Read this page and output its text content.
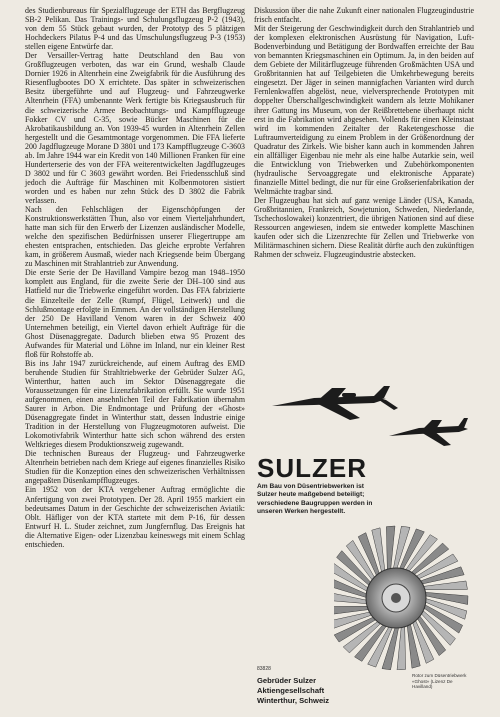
des Studienbureaus für Spezialflugzeuge der ETH das Bergflugzeug SB-2 Pelikan. Das Trainings- und Schulungsflugzeug P-2 (1943), von dem 55 Stück gebaut wurden, der Prototyp des 5 plätzigen Hochdeckers Pilatus P-4 und das Umschulungsflugzeug P-3 (1953) stellen eigene Entwürfe dar.

Der Versailler-Vertrag hatte Deutschland den Bau von Großflugzeugen verboten, das war ein Grund, weshalb Claude Dornier 1926 in Altenrhein eine Zweigfabrik für die Ausführung des Riesenflugbootes DO X errichtete. Das später in schweizerischen Besitz übergeführte und auf Flugzeug- und Fahrzeugwerke Altenrhein (FFA) umbenannte Werk fertigte bis Kriegsausbruch für die schweizerische Armee Beobachtungs- und Kampfflugzeuge Fokker CV und C-35, sowie Bücker Maschinen für die Akrobatikausbildung an. Von 1939-45 wurden in Altenrhein Zellen hergestellt und die Gesamtmontage vorgenommen. Die FFA lieferte 200 Jagdflugzeuge Morane D 3801 und 173 Kampfflugzeuge C-3603 ab. Im Jahre 1944 war ein Kredit von 140 Millionen Franken für eine Hunderterserie des von der FFA weiterentwickelten Jagdflugzeuges D 3802 und für C 3603 gewährt worden. Bei Friedensschluß sind jedoch die Aufträge für Maschinen mit Kolbenmotoren sistiert worden und es haben nur zehn Stück des D 3802 die Fabrik verlassen.

Nach den Fehlschlägen der Eigenschöpfungen der Konstruktionswerkstätten Thun, also vor einem Vierteljahrhundert, hatte man sich für den Erwerb der Lizenzen ausländischer Modelle, welche den spezifischen Bedürfnissen unserer Fliegertruppe am ehesten entsprachen, entschieden. Das gleiche erprobte Verfahren kam, in größerem Ausmaß, wieder nach Kriegsende beim Übergang zu Maschinen mit Strahlantrieb zur Anwendung.

Die erste Serie der De Havilland Vampire bezog man 1948–1950 komplett aus England, für die zweite Serie der DH–100 sind aus Hatfield nur die Triebwerke eingeführt worden. Das FFA fabrizierte die Einzelteile der Zelle (Rumpf, Flügel, Leitwerk) und die Schlußmontage erfolgte in Emmen. An der vollständigen Herstellung der 250 De Havilland Venom waren in der Schweiz 400 Unternehmen beteiligt, ein Viertel davon erhielt Aufträge für die Ghost Düsenaggregate. Dadurch blieben etwa 95 Prozent des Aufwandes für Material und Löhne im Inland, nur ein kleiner Rest floß für Rohstoffe ab.

Bis ins Jahr 1947 zurückreichende, auf einem Auftrag des EMD beruhende Studien für Strahltriebwerke der Gebrüder Sulzer AG, Winterthur, hatten auch im Sektor Düsenaggregate die Voraussetzungen für eine Lizenzfabrikation erfüllt. Sie wurde 1951 aufgenommen, einen ansehnlichen Teil der Fabrikation übernahm Saurer in Arbon. Die Endmontage und Prüfung der «Ghost» Düsenaggregate findet in Winterthur statt, dessen Industrie einige Tradition in der Herstellung von Flugzeugmotoren aufweist. Die Lokomotivfabrik Winterthur hatte sich schon während des ersten Weltkrieges diesem Produktionszweig zugewandt.

Die technischen Bureaus der Flugzeug- und Fahrzeugwerke Altenrhein betrieben nach dem Kriege auf eigenes finanzielles Risiko Studien für die Konzeption eines den schweizerischen Verhältnissen angepaßten Düsenkampfflugzeuges.

Ein 1952 von der KTA vergebener Auftrag ermöglichte die Anfertigung von zwei Prototypen. Der 28. April 1955 markiert ein bedeutsames Datum in der Geschichte der schweizerischen Aviatik: Oblt. Häfliger von der KTA startete mit dem P-16, für dessen Entwurf H. L. Studer zeichnet, zum Jungfernflug. Das Ereignis hat die Alternative Eigen- oder Lizenzbau keineswegs mit einem Schlag entschieden.

Diskussion über die nahe Zukunft einer nationalen Flugzeugindustrie frisch entfacht.

Mit der Steigerung der Geschwindigkeit durch den Strahlantrieb und der komplexen elektronischen Ausrüstung für Navigation, Luft-Bodenverbindung und Betätigung der Bordwaffen erreichte der Bau von bemannten Kriegsmaschinen ein Optimum. Ja, in den beiden auf dem Gebiete der Militärflugzeuge führenden Großmächten USA und Großbritannien hat auf Teilgebieten die Umkehrbewegung bereits eingesetzt. Der Jäger in seinen mannigfachen Varianten wird durch Fernlenkwaffen abgelöst, neue, vielversprechende Prototypen mit doppelter Überschallgeschwindigkeit wandern als letzte Mohikaner ihrer Gattung ins Museum, von der Reißbrettebene überhaupt nicht erst in die Fabrikation wird abgesehen. Vollends für einen Kleinstaat wird im kommenden Zeitalter der Raketengeschosse die Luftraumverteidigung zu einem Problem in der Größenordnung der Quadratur des Zirkels. Wie bisher kann auch in kommenden Jahren ein allfälliger Eigenbau nie mehr als eine halbe Autarkie sein, weil die Entwicklung von Triebwerken und Zubehörkomponenten (hydraulische Servoaggregate und elektronische Apparate) finanzielle Mittel bedingt, die nur für eine Großserienfabrikation der Weltmächte tragbar sind.

Der Flugzeugbau hat sich auf ganz wenige Länder (USA, Kanada, Großbritannien, Frankreich, Sowjetunion, Schweden, Niederlande, Tschechoslowakei) konzentriert, die übrigen Nationen sind auf diese Ressourcen angewiesen, indem sie entweder komplette Maschinen kaufen oder sich die Lizenzrechte für Zellen und Triebwerke von Militärmaschinen sichern. Diese Realität dürfte auch den zukünftigen Rahmen der schweiz. Flugzeugindustrie abstecken.

SULZER
Am Bau von Düsentriebwerken ist Sulzer heute maßgebend beteiligt; verschiedene Baugruppen werden in unseren Werken hergestellt.
83828
Gebrüder Sulzer
Aktiengesellschaft
Winterthur, Schweiz
Rotor zum Düsentriebwerk «Ghost» (Lizenz De Havilland)
